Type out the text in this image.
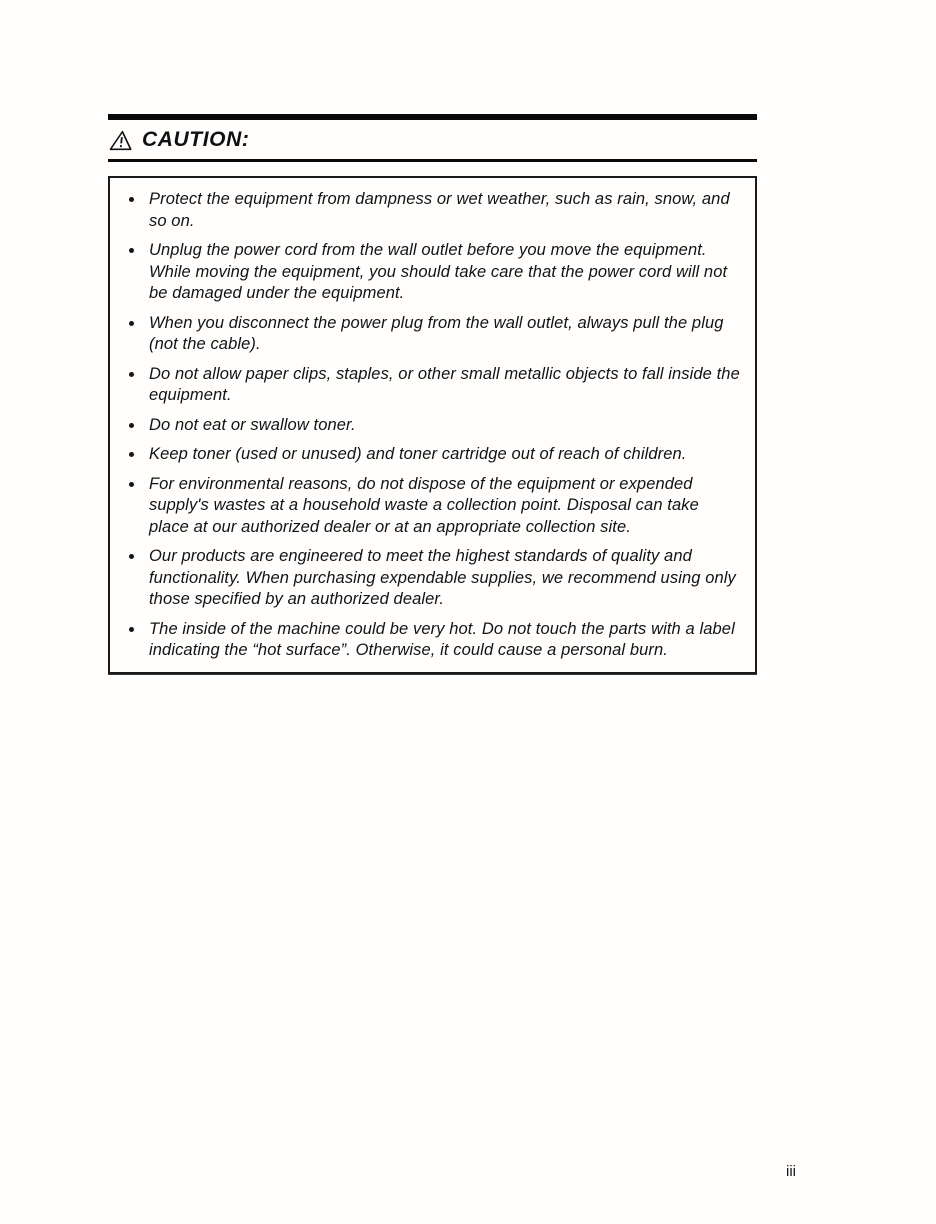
CAUTION:
Protect the equipment from dampness or wet weather, such as rain, snow, and so on.
Unplug the power cord from the wall outlet before you move the equipment. While moving the equipment, you should take care that the power cord will not be damaged under the equipment.
When you disconnect the power plug from the wall outlet, always pull the plug (not the cable).
Do not allow paper clips, staples, or other small metallic objects to fall inside the equipment.
Do not eat or swallow toner.
Keep toner (used or unused) and toner cartridge out of reach of children.
For environmental reasons, do not dispose of the equipment or expended supply's wastes at a household waste a collection point. Disposal can take place at our authorized dealer or at an appropriate collection site.
Our products are engineered to meet the highest standards of quality and functionality. When purchasing expendable supplies, we recommend using only those specified by an authorized dealer.
The inside of the machine could be very hot. Do not touch the parts with a label indicating the “hot surface”. Otherwise, it could cause a personal burn.
iii
